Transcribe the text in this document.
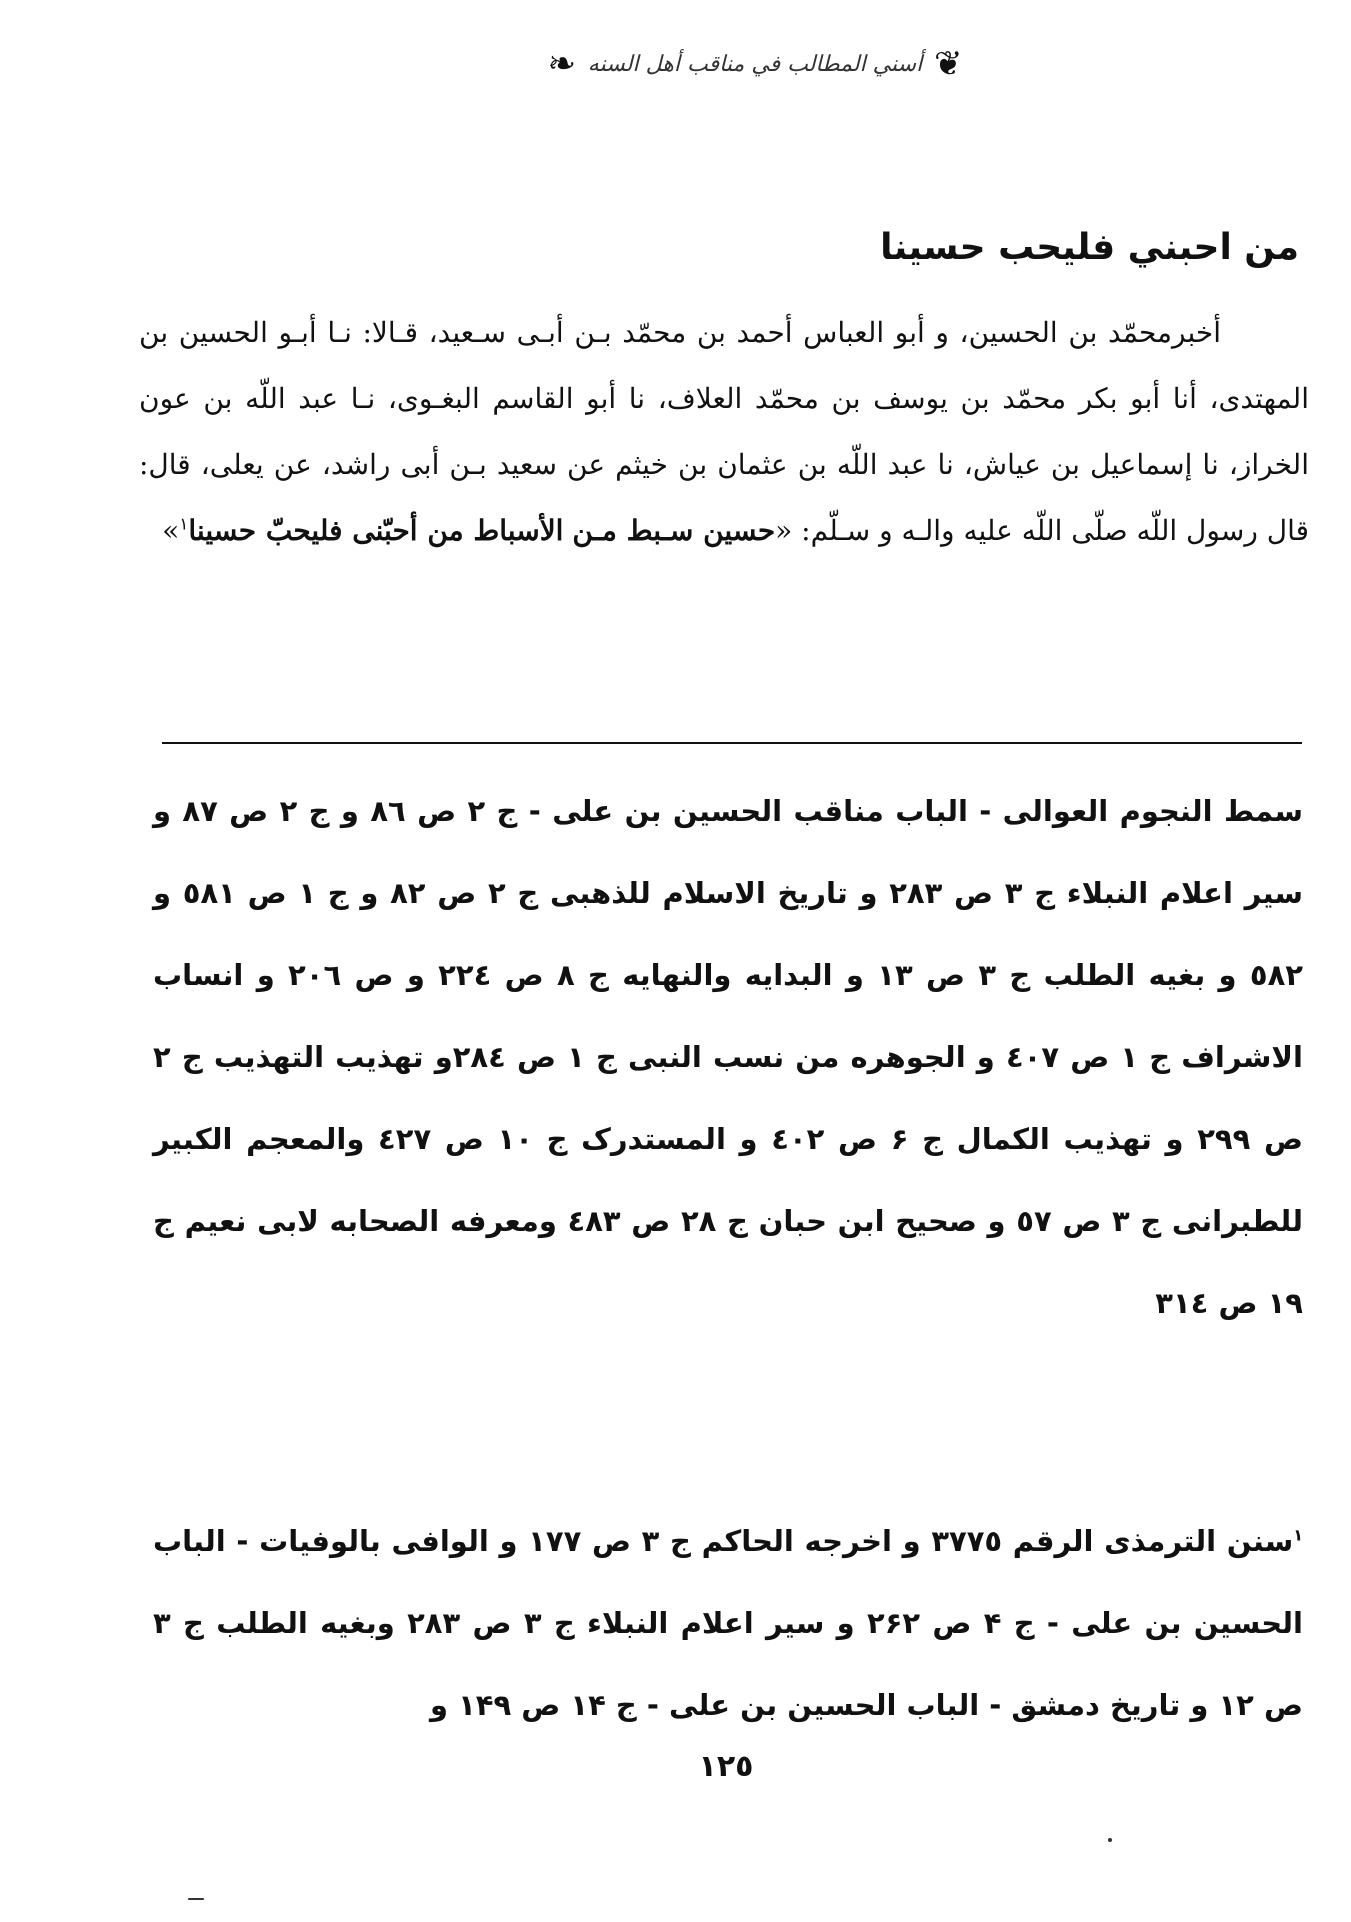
❦
أسني المطالب في مناقب أهل السنه
❧
من احبني فليحب حسينا

أخبرمحمّد بن الحسين، و أبو العباس أحمد بن محمّد بـن أبـى سـعيد، قـالا: نـا أبـو الحسين بن المهتدى، أنا أبو بكر محمّد بن يوسف بن محمّد العلاف، نا أبو القاسم البغـوى، نـا عبد اللّه بن عون الخراز، نا إسماعيل بن عياش، نا عبد اللّه بن عثمان بن خيثم عن سعيد بـن أبى راشد، عن يعلى، قال: قال رسول اللّه صلّى اللّه عليه والـه و سـلّم: «حسين سـبط مـن الأسباط من أحبّنى فليحبّ حسينا$^١$»

سمط النجوم العوالى - الباب مناقب الحسين بن على - ج ٢ ص ٨٦ و ج ٢ ص ٨٧ و سير اعلام النبلاء ج ٣ ص ٢٨٣ و تاريخ الاسلام للذهبى ج ٢ ص ٨٢ و ج ١ ص ٥٨١ و ٥٨٢ و بغيه الطلب ج ٣ ص ١٣ و البدايه والنهايه ج ٨ ص ٢٢٤ و ص ٢٠٦ و انساب الاشراف ج ١ ص ٤٠٧ و الجوهره من نسب النبى ج ١ ص ٢٨٤و تهذيب التهذيب ج ٢ ص ٢٩٩ و تهذيب الكمال ج ۶ ص ٤٠٢ و المستدرک ج ١٠ ص ٤٢٧ والمعجم الكبير للطبرانى ج ٣ ص ٥٧ و صحيح ابن حبان ج ٢٨ ص ٤٨٣ ومعرفه الصحابه لابى نعيم ج ١٩ ص ٣١٤

$^١$سنن الترمذى الرقم ٣٧٧٥ و اخرجه الحاكم ج ٣ ص ١٧٧ و الوافى بالوفيات - الباب الحسين بن على - ج ۴ ص ٢۶٢ و سير اعلام النبلاء ج ٣ ص ٢٨٣ وبغيه الطلب ج ٣ ص ١٢ و تاريخ دمشق - الباب الحسين بن على - ج ١۴ ص ١۴٩ و

١٢٥
